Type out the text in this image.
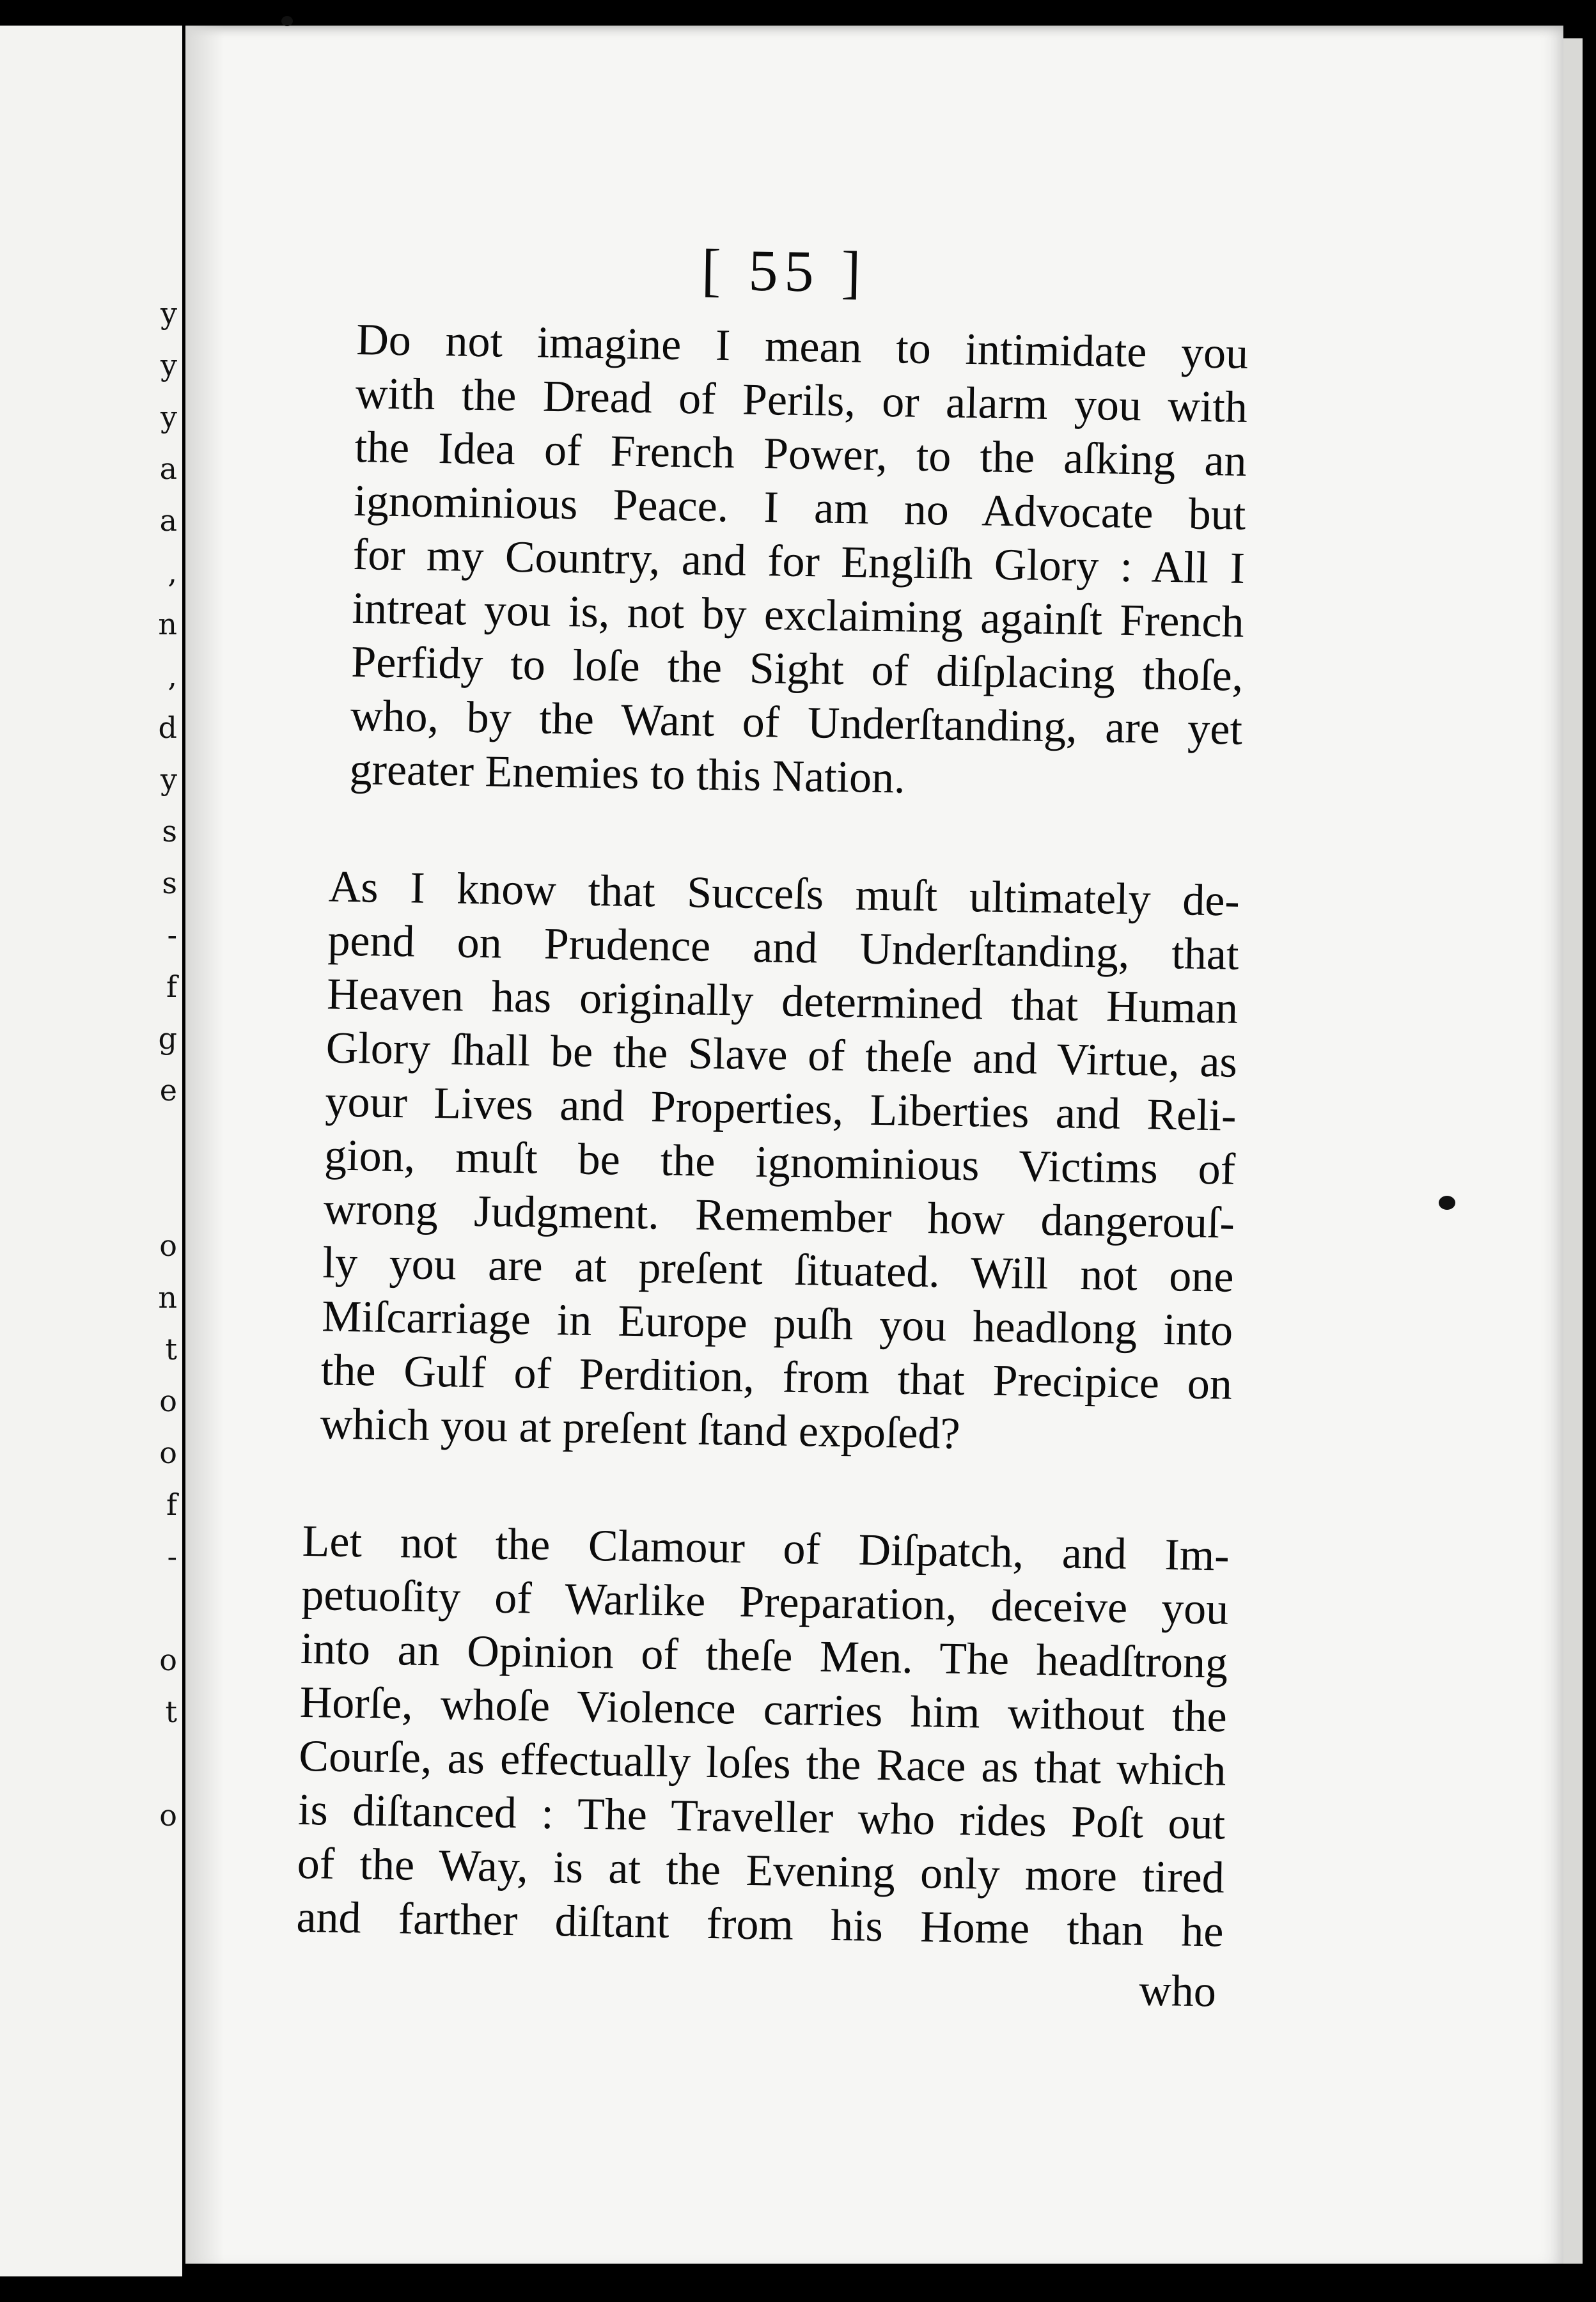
y
y
y
a
a
,
n
,
d
y
s
s
-
f
g
e

o
n
t
o
o
f
-

o
t

o
[ 55 ]
Do not imagine I mean to intimidate you
with the Dread of Perils, or alarm you with
the Idea of French Power, to the aſking an
ignominious Peace. I am no Advocate but
for my Country, and for Engliſh Glory : All I
intreat you is, not by exclaiming againſt French
Perfidy to loſe the Sight of diſplacing thoſe,
who, by the Want of Underſtanding, are yet
greater Enemies to this Nation.
As I know that Succeſs muſt ultimately de-
pend on Prudence and Underſtanding, that
Heaven has originally determined that Human
Glory ſhall be the Slave of theſe and Virtue, as
your Lives and Properties, Liberties and Reli-
gion, muſt be the ignominious Victims of
wrong Judgment. Remember how dangerouſ-
ly you are at preſent ſituated. Will not one
Miſcarriage in Europe puſh you headlong into
the Gulf of Perdition, from that Precipice on
which you at preſent ſtand expoſed?
Let not the Clamour of Diſpatch, and Im-
petuoſity of Warlike Preparation, deceive you
into an Opinion of theſe Men. The headſtrong
Horſe, whoſe Violence carries him without the
Courſe, as effectually loſes the Race as that which
is diſtanced : The Traveller who rides Poſt out
of the Way, is at the Evening only more tired
and farther diſtant from his Home than he
who
